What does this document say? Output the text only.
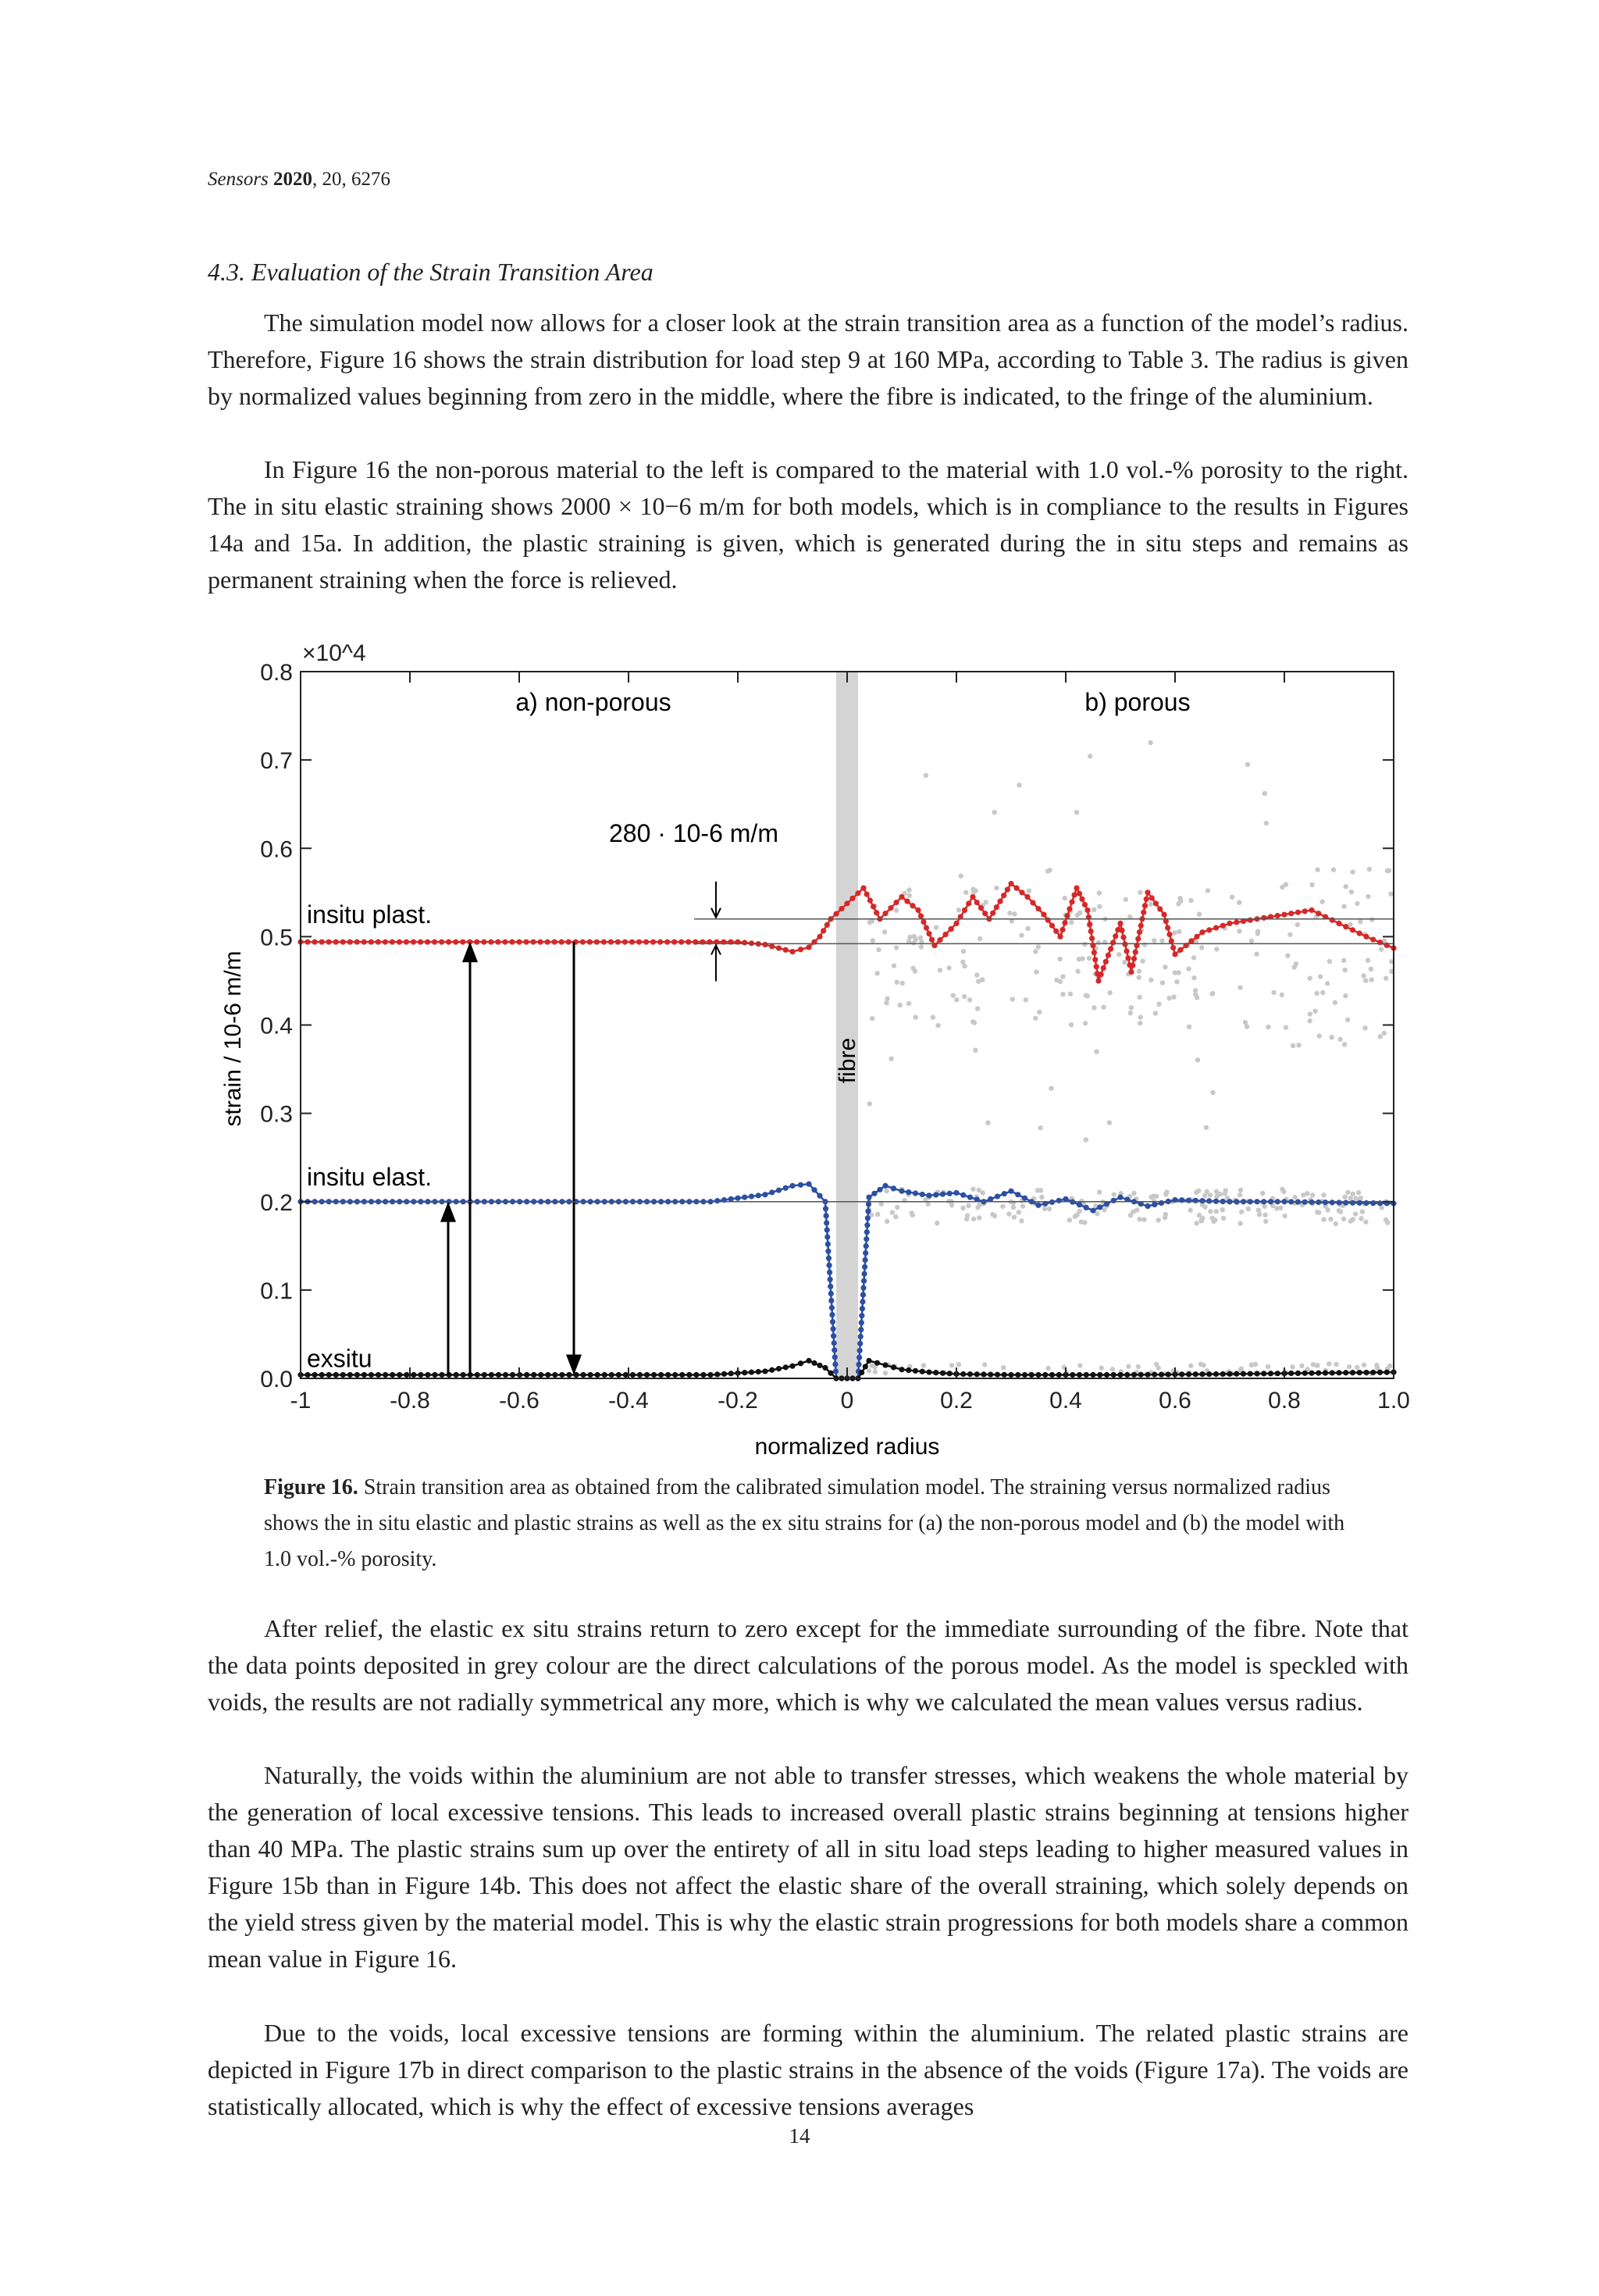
Sensors 2020, 20, 6276
4.3. Evaluation of the Strain Transition Area

The simulation model now allows for a closer look at the strain transition area as a function of the model’s radius. Therefore, Figure 16 shows the strain distribution for load step 9 at 160 MPa, according to Table 3. The radius is given by normalized values beginning from zero in the middle, where the fibre is indicated, to the fringe of the aluminium.

In Figure 16 the non-porous material to the left is compared to the material with 1.0 vol.-% porosity to the right. The in situ elastic straining shows 2000 × 10−6 m/m for both models, which is in compliance to the results in Figures 14a and 15a. In addition, the plastic straining is given, which is generated during the in situ steps and remains as permanent straining when the force is relieved.

-1	-0.8	-0.6	-0.4	-0.2	0	0.2	0.4	0.6	0.8	1.0
0.0
0.1
0.2
0.3
0.4
0.5
0.6
0.7
0.8
×10^4
strain / 10-6 m/m
normalized radius
a) non-porous	b) porous
fibre
280 · 10-6 m/m
insitu plast.
insitu elast.
exsitu

Figure 16. Strain transition area as obtained from the calibrated simulation model. The straining versus normalized radius shows the in situ elastic and plastic strains as well as the ex situ strains for (a) the non-porous model and (b) the model with 1.0 vol.-% porosity.

After relief, the elastic ex situ strains return to zero except for the immediate surrounding of the fibre. Note that the data points deposited in grey colour are the direct calculations of the porous model. As the model is speckled with voids, the results are not radially symmetrical any more, which is why we calculated the mean values versus radius.

Naturally, the voids within the aluminium are not able to transfer stresses, which weakens the whole material by the generation of local excessive tensions. This leads to increased overall plastic strains beginning at tensions higher than 40 MPa. The plastic strains sum up over the entirety of all in situ load steps leading to higher measured values in Figure 15b than in Figure 14b. This does not affect the elastic share of the overall straining, which solely depends on the yield stress given by the material model. This is why the elastic strain progressions for both models share a common mean value in Figure 16.

Due to the voids, local excessive tensions are forming within the aluminium. The related plastic strains are depicted in Figure 17b in direct comparison to the plastic strains in the absence of the voids (Figure 17a). The voids are statistically allocated, which is why the effect of excessive tensions averages

14
